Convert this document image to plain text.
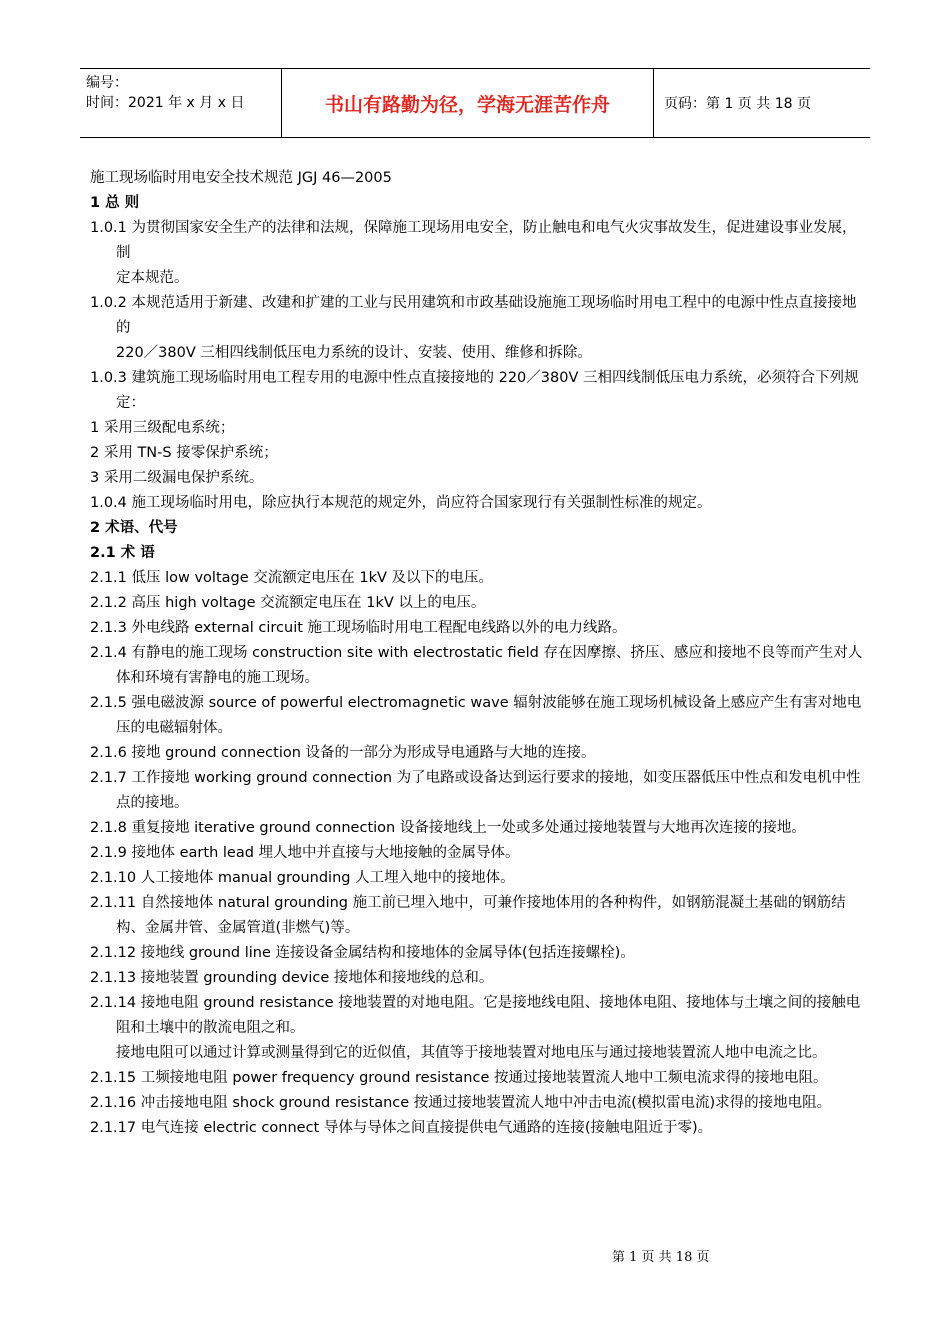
编号：
时间：2021 年 x 月 x 日	书山有路勤为径，学海无涯苦作舟	页码：第 1 页 共 18 页
施工现场临时用电安全技术规范 JGJ 46—2005
1 总 则
1.0.1 为贯彻国家安全生产的法律和法规，保障施工现场用电安全，防止触电和电气火灾事故发生，促进建设事业发展，制
定本规范。
1.0.2 本规范适用于新建、改建和扩建的工业与民用建筑和市政基础设施施工现场临时用电工程中的电源中性点直接接地的
220／380V 三相四线制低压电力系统的设计、安装、使用、维修和拆除。
1.0.3 建筑施工现场临时用电工程专用的电源中性点直接接地的 220／380V 三相四线制低压电力系统，必须符合下列规定：
1 采用三级配电系统；
2 采用 TN-S 接零保护系统；
3 采用二级漏电保护系统。
1.0.4 施工现场临时用电，除应执行本规范的规定外，尚应符合国家现行有关强制性标准的规定。
2 术语、代号
2.1 术 语
2.1.1 低压 low voltage 交流额定电压在 1kV 及以下的电压。
2.1.2 高压 high voltage 交流额定电压在 1kV 以上的电压。
2.1.3 外电线路 external circuit 施工现场临时用电工程配电线路以外的电力线路。
2.1.4 有静电的施工现场 construction site with electrostatic field 存在因摩擦、挤压、感应和接地不良等而产生对人体和环境有害静电的施工现场。
2.1.5 强电磁波源 source of powerful electromagnetic wave 辐射波能够在施工现场机械设备上感应产生有害对地电压的电磁辐射体。
2.1.6 接地 ground connection 设备的一部分为形成导电通路与大地的连接。
2.1.7 工作接地 working ground connection 为了电路或设备达到运行要求的接地，如变压器低压中性点和发电机中性点的接地。
2.1.8 重复接地 iterative ground connection 设备接地线上一处或多处通过接地装置与大地再次连接的接地。
2.1.9 接地体 earth lead 埋人地中并直接与大地接触的金属导体。
2.1.10 人工接地体 manual grounding 人工埋入地中的接地体。
2.1.11 自然接地体 natural grounding 施工前已埋入地中，可兼作接地体用的各种构件，如钢筋混凝土基础的钢筋结构、金属井管、金属管道(非燃气)等。
2.1.12 接地线 ground line 连接设备金属结构和接地体的金属导体(包括连接螺栓)。
2.1.13 接地装置 grounding device 接地体和接地线的总和。
2.1.14 接地电阻 ground resistance 接地装置的对地电阻。它是接地线电阻、接地体电阻、接地体与土壤之间的接触电阻和土壤中的散流电阻之和。
接地电阻可以通过计算或测量得到它的近似值，其值等于接地装置对地电压与通过接地装置流人地中电流之比。
2.1.15 工频接地电阻 power frequency ground resistance 按通过接地装置流人地中工频电流求得的接地电阻。
2.1.16 冲击接地电阻 shock ground resistance 按通过接地装置流人地中冲击电流(模拟雷电流)求得的接地电阻。
2.1.17 电气连接 electric connect 导体与导体之间直接提供电气通路的连接(接触电阻近于零)。
第 1 页 共 18 页
